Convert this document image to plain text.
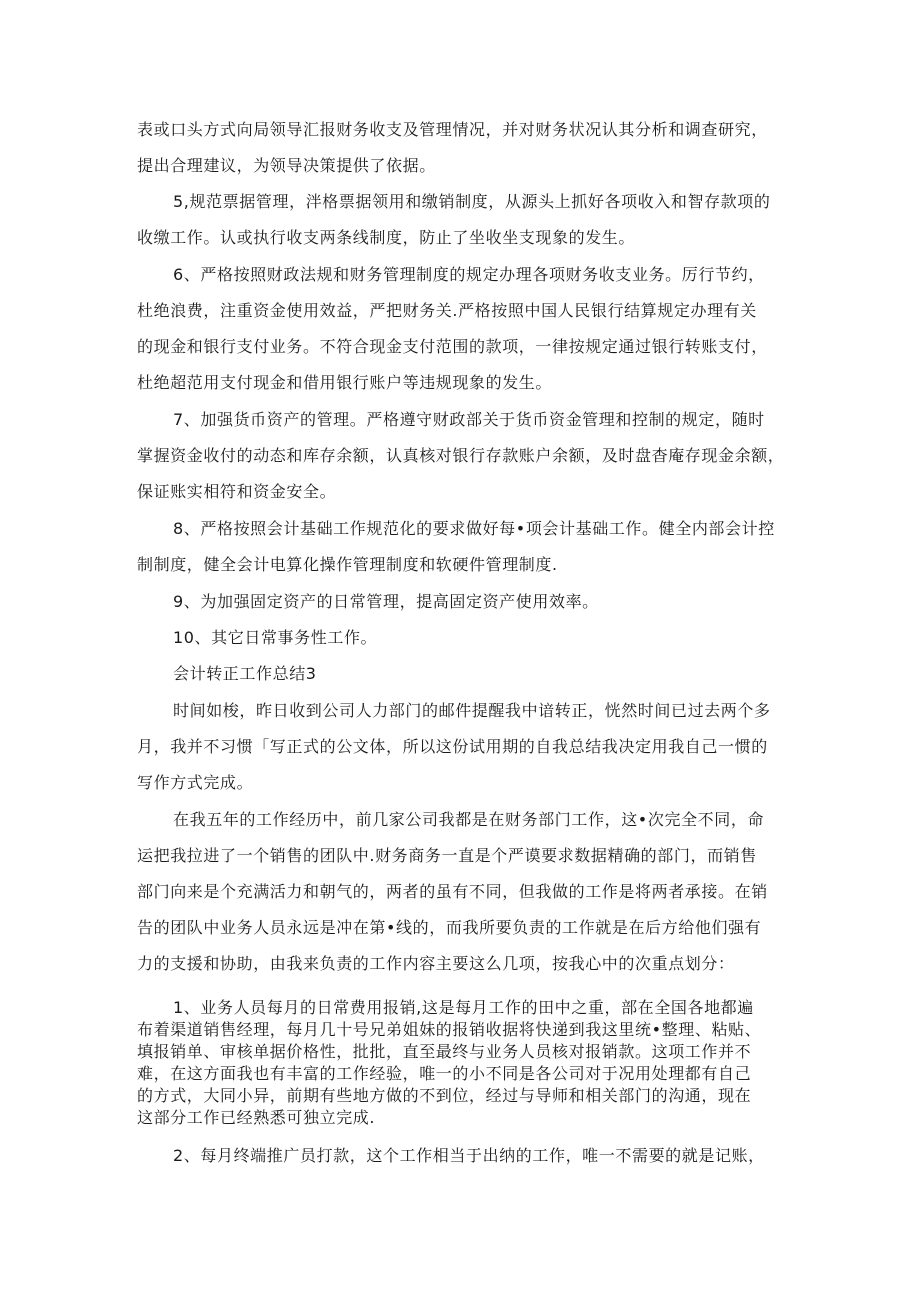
表或口头方式向局领导汇报财务收支及管理情况，并对财务状况认其分析和调查研究，
提出合理建议，为领导决策提供了依据。
5,规范票据管理，泮格票据领用和缴销制度，从源头上抓好各项收入和智存款项的
收缴工作。认或执行收支两条线制度，防止了坐收坐支现象的发生。
6、严格按照财政法规和财务管理制度的规定办理各项财务收支业务。厉行节约，
杜绝浪费，注重资金使用效益，严把财务关.严格按照中国人民银行结算规定办理有关
的现金和银行支付业务。不符合现金支付范围的款项，一律按规定通过银行转账支付，
杜绝超范用支付现金和借用银行账户等违规现象的发生。
7、加强货币资产的管理。严格遵守财政部关于货币资金管理和控制的规定，随时
掌握资金收付的动态和库存余额，认真核对银行存款账户余额，及时盘杳庵存现金余额，
保证账实相符和资金安全。
8、严格按照会计基础工作规范化的要求做好每•项会计基础工作。健全内部会计控
制制度，健全会计电算化操作管理制度和软硬件管理制度.
9、为加强固定资产的日常管理，提高固定资产使用效率。
10、其它日常事务性工作。

会计转正工作总结3

时间如梭，昨日收到公司人力部门的邮件提醒我中谙转正，恍然时间已过去两个多
月，我并不习惯「写正式的公文体，所以这份试用期的自我总结我决定用我自己一惯的
写作方式完成。
在我五年的工作经历中，前几家公司我都是在财务部门工作，这•次完全不同，命
运把我拉进了一个销售的团队中.财务商务一直是个严谟要求数据精确的部门，而销售
部门向来是个充满活力和朝气的，两者的虽有不同，但我做的工作是将两者承接。在销
告的团队中业务人员永远是冲在第•线的，而我所要负责的工作就是在后方给他们强有
力的支援和协助，由我来负责的工作内容主要这么几项，按我心中的次重点划分：
1、业务人员每月的日常费用报销,这是每月工作的田中之重，部在全国各地都遍
布着渠道销售经理，每月几十号兄弟姐妹的报销收据将快递到我这里统•整理、粘贴、
填报销单、审核单据价格性，批批，直至最终与业务人员核对报销款。这项工作并不
难，在这方面我也有丰富的工作经验，唯一的小不同是各公司对于况用处理都有自己
的方式，大同小异，前期有些地方做的不到位，经过与导师和相关部门的沟通，现在
这部分工作已经熟悉可独立完成.
2、每月终端推广员打款，这个工作相当于出纳的工作，唯一不需要的就是记账，
